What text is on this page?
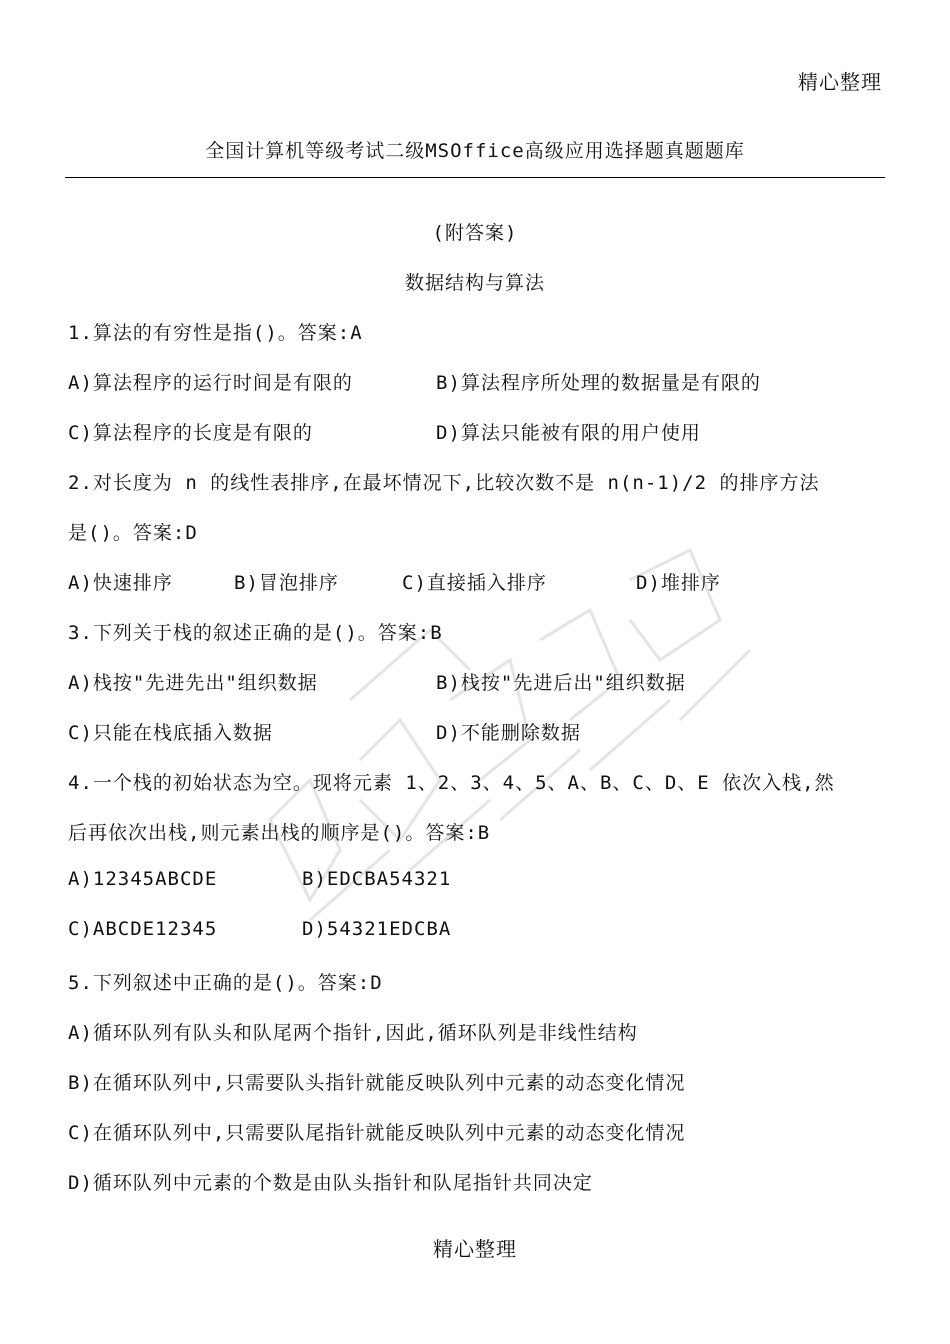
精心整理
全国计算机等级考试二级MSOffice高级应用选择题真题题库
(附答案)
数据结构与算法
1.算法的有穷性是指()。答案:A
A)算法程序的运行时间是有限的	B)算法程序所处理的数据量是有限的
C)算法程序的长度是有限的	D)算法只能被有限的用户使用
2.对长度为 n 的线性表排序,在最坏情况下,比较次数不是 n(n-1)/2 的排序方法
是()。答案:D
A)快速排序	B)冒泡排序	C)直接插入排序	D)堆排序
3.下列关于栈的叙述正确的是()。答案:B
A)栈按"先进先出"组织数据	B)栈按"先进后出"组织数据
C)只能在栈底插入数据	D)不能删除数据
4.一个栈的初始状态为空。现将元素 1、2、3、4、5、A、B、C、D、E 依次入栈,然
后再依次出栈,则元素出栈的顺序是()。答案:B
A)12345ABCDE	B)EDCBA54321
C)ABCDE12345	D)54321EDCBA
5.下列叙述中正确的是()。答案:D
A)循环队列有队头和队尾两个指针,因此,循环队列是非线性结构
B)在循环队列中,只需要队头指针就能反映队列中元素的动态变化情况
C)在循环队列中,只需要队尾指针就能反映队列中元素的动态变化情况
D)循环队列中元素的个数是由队头指针和队尾指针共同决定
精心整理
